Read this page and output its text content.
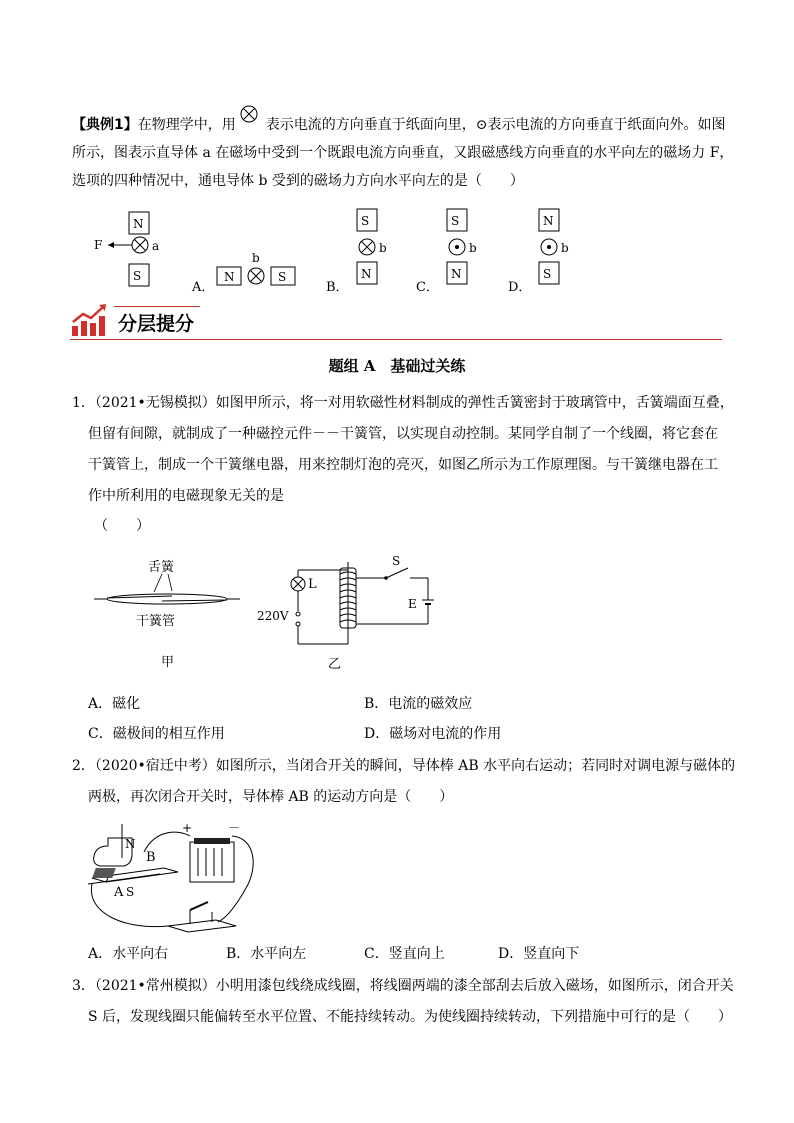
【典例1】在物理学中，用 表示电流的方向垂直于纸面向里，⊙表示电流的方向垂直于纸面向外。如图
所示，图表示直导体 a 在磁场中受到一个既跟电流方向垂直，又跟磁感线方向垂直的水平向左的磁场力 F，
选项的四种情况中，通电导体 b 受到的磁场力方向水平向左的是（　　）
N
F	a
S
A．
N
b
S
B．
S
b
N
C．
S
b
N
D．
N
b
S
分层提分
题组 A　基础过关练
1．（2021•无锡模拟）如图甲所示，将一对用软磁性材料制成的弹性舌簧密封于玻璃管中，舌簧端面互叠，
但留有间隙，就制成了一种磁控元件－－干簧管，以实现自动控制。某同学自制了一个线圈，将它套在
干簧管上，制成一个干簧继电器，用来控制灯泡的亮灭，如图乙所示为工作原理图。与干簧继电器在工
作中所利用的电磁现象无关的是
（　　）
舌簧
干簧管
甲
L
220V
S
E
乙
A．磁化	B．电流的磁效应
C．磁极间的相互作用	D．磁场对电流的作用
2．（2020•宿迁中考）如图所示，当闭合开关的瞬间，导体棒 AB 水平向右运动；若同时对调电源与磁体的
两极，再次闭合开关时，导体棒 AB 的运动方向是（　　）
N
B
A S
+	－
A．水平向右	B．水平向左	C．竖直向上	D．竖直向下
3．（2021•常州模拟）小明用漆包线绕成线圈，将线圈两端的漆全部刮去后放入磁场，如图所示，闭合开关
S 后，发现线圈只能偏转至水平位置、不能持续转动。为使线圈持续转动，下列措施中可行的是（　　）
